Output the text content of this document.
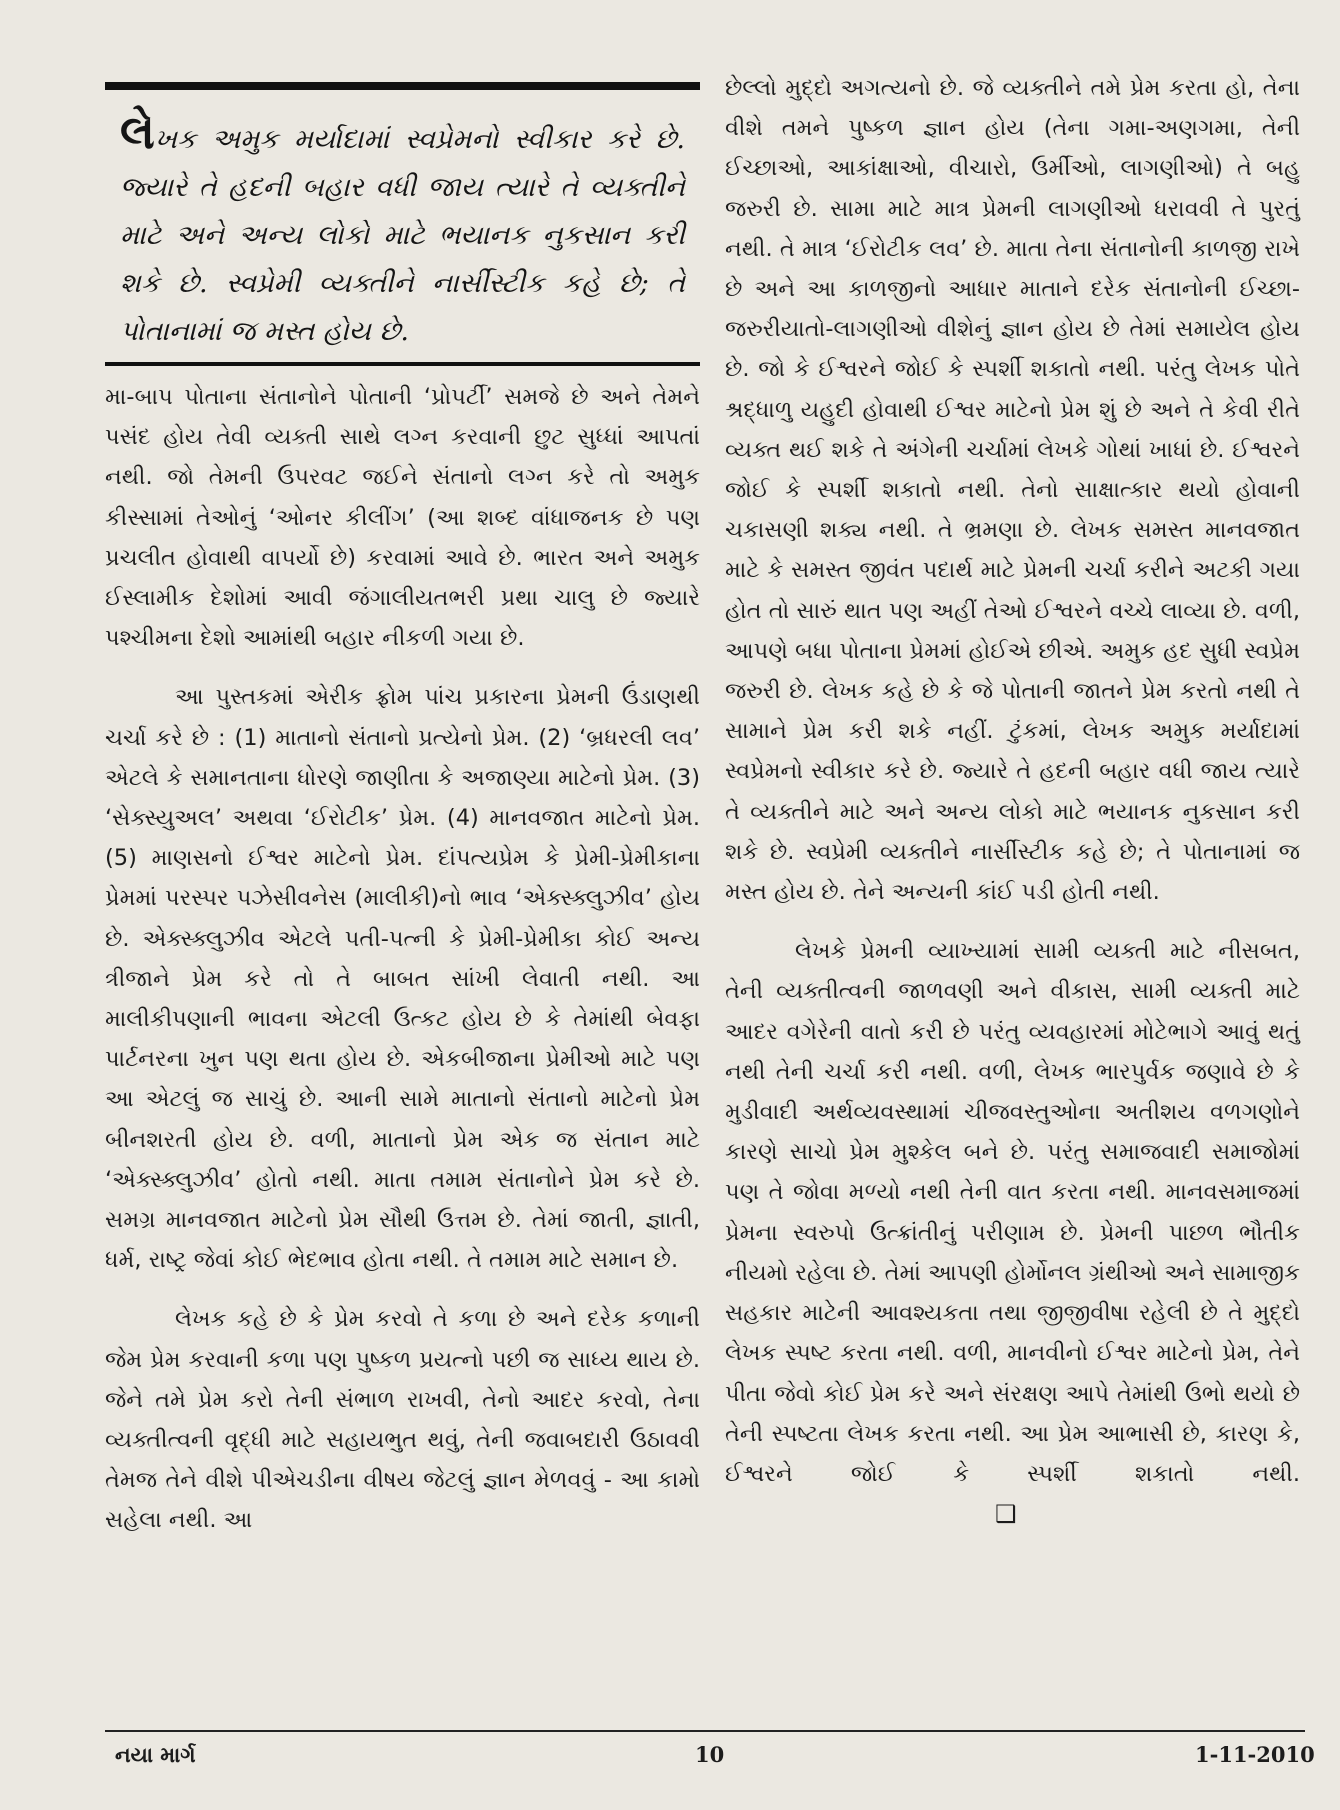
લેખક અમુક મર્યાદામાં સ્વપ્રેમનો સ્વીકાર કરે છે. જ્યારે તે હદની બહાર વધી જાય ત્યારે તે વ્યક્તીને માટે અને અન્ય લોકો માટે ભયાનક નુકસાન કરી શકે છે. સ્વપ્રેમી વ્યક્તીને નાર્સીસ્ટીક કહે છે; તે પોતાનામાં જ મસ્ત હોય છે.

મા-બાપ પોતાના સંતાનોને પોતાની ‘પ્રોપર્ટી’ સમજે છે અને તેમને પસંદ હોય તેવી વ્યક્તી સાથે લગ્ન કરવાની છુટ સુધ્ધાં આપતાં નથી. જો તેમની ઉપરવટ જઈને સંતાનો લગ્ન કરે તો અમુક કીસ્સામાં તેઓનું ‘ઓનર કીલીંગ’ (આ શબ્દ વાંધાજનક છે પણ પ્રચલીત હોવાથી વાપર્યો છે) કરવામાં આવે છે. ભારત અને અમુક ઈસ્લામીક દેશોમાં આવી જંગાલીયતભરી પ્રથા ચાલુ છે જ્યારે પશ્ચીમના દેશો આમાંથી બહાર નીકળી ગયા છે.

આ પુસ્તકમાં એરીક ફ્રોમ પાંચ પ્રકારના પ્રેમની ઉંડાણથી ચર્ચા કરે છે : (1) માતાનો સંતાનો પ્રત્યેનો પ્રેમ. (2) ‘બ્રધરલી લવ’ એટલે કે સમાનતાના ધોરણે જાણીતા કે અજાણ્યા માટેનો પ્રેમ. (3) ‘સેક્સ્યુઅલ’ અથવા ‘ઈરોટીક’ પ્રેમ. (4) માનવજાત માટેનો પ્રેમ. (5) માણસનો ઈશ્વર માટેનો પ્રેમ. દાંપત્યપ્રેમ કે પ્રેમી-પ્રેમીકાના પ્રેમમાં પરસ્પર પઝેસીવનેસ (માલીકી)નો ભાવ ‘એક્સ્ક્લુઝીવ’ હોય છે. એક્સ્ક્લુઝીવ એટલે પતી-પત્ની કે પ્રેમી-પ્રેમીકા કોઈ અન્ય ત્રીજાને પ્રેમ કરે તો તે બાબત સાંખી લેવાતી નથી. આ માલીકીપણાની ભાવના એટલી ઉત્કટ હોય છે કે તેમાંથી બેવફા પાર્ટનરના ખુન પણ થતા હોય છે. એકબીજાના પ્રેમીઓ માટે પણ આ એટલું જ સાચું છે. આની સામે માતાનો સંતાનો માટેનો પ્રેમ બીનશરતી હોય છે. વળી, માતાનો પ્રેમ એક જ સંતાન માટે ‘એક્સ્ક્લુઝીવ’ હોતો નથી. માતા તમામ સંતાનોને પ્રેમ કરે છે. સમગ્ર માનવજાત માટેનો પ્રેમ સૌથી ઉત્તમ છે. તેમાં જાતી, જ્ઞાતી, ધર્મ, રાષ્ટ્ર જેવાં કોઈ ભેદભાવ હોતા નથી. તે તમામ માટે સમાન છે.

લેખક કહે છે કે પ્રેમ કરવો તે કળા છે અને દરેક કળાની જેમ પ્રેમ કરવાની કળા પણ પુષ્કળ પ્રયત્નો પછી જ સાધ્ય થાય છે. જેને તમે પ્રેમ કરો તેની સંભાળ રાખવી, તેનો આદર કરવો, તેના વ્યક્તીત્વની વૃદ્ધી માટે સહાયભુત થવું, તેની જવાબદારી ઉઠાવવી તેમજ તેને વીશે પીએચડીના વીષય જેટલું જ્ઞાન મેળવવું - આ કામો સહેલા નથી. આ

છેલ્લો મુદ્દો અગત્યનો છે. જે વ્યક્તીને તમે પ્રેમ કરતા હો, તેના વીશે તમને પુષ્કળ જ્ઞાન હોય (તેના ગમા-અણગમા, તેની ઈચ્છાઓ, આકાંક્ષાઓ, વીચારો, ઉર્મીઓ, લાગણીઓ) તે બહુ જરુરી છે. સામા માટે માત્ર પ્રેમની લાગણીઓ ધરાવવી તે પુરતું નથી. તે માત્ર ‘ઈરોટીક લવ’ છે. માતા તેના સંતાનોની કાળજી રાખે છે અને આ કાળજીનો આધાર માતાને દરેક સંતાનોની ઈચ્છા-જરુરીયાતો-લાગણીઓ વીશેનું જ્ઞાન હોય છે તેમાં સમાયેલ હોય છે. જો કે ઈશ્વરને જોઈ કે સ્પર્શી શકાતો નથી. પરંતુ લેખક પોતે શ્રદ્ધાળુ યહુદી હોવાથી ઈશ્વર માટેનો પ્રેમ શું છે અને તે કેવી રીતે વ્યક્ત થઈ શકે તે અંગેની ચર્ચામાં લેખકે ગોથાં ખાધાં છે. ઈશ્વરને જોઈ કે સ્પર્શી શકાતો નથી. તેનો સાક્ષાત્કાર થયો હોવાની ચકાસણી શક્ય નથી. તે ભ્રમણા છે. લેખક સમસ્ત માનવજાત માટે કે સમસ્ત જીવંત પદાર્થ માટે પ્રેમની ચર્ચા કરીને અટકી ગયા હોત તો સારું થાત પણ અહીં તેઓ ઈશ્વરને વચ્ચે લાવ્યા છે. વળી, આપણે બધા પોતાના પ્રેમમાં હોઈએ છીએ. અમુક હદ સુધી સ્વપ્રેમ જરુરી છે. લેખક કહે છે કે જે પોતાની જાતને પ્રેમ કરતો નથી તે સામાને પ્રેમ કરી શકે નહીં. ટુંકમાં, લેખક અમુક મર્યાદામાં સ્વપ્રેમનો સ્વીકાર કરે છે. જ્યારે તે હદની બહાર વધી જાય ત્યારે તે વ્યક્તીને માટે અને અન્ય લોકો માટે ભયાનક નુકસાન કરી શકે છે. સ્વપ્રેમી વ્યક્તીને નાર્સીસ્ટીક કહે છે; તે પોતાનામાં જ મસ્ત હોય છે. તેને અન્યની કાંઈ પડી હોતી નથી.

લેખકે પ્રેમની વ્યાખ્યામાં સામી વ્યક્તી માટે નીસબત, તેની વ્યક્તીત્વની જાળવણી અને વીકાસ, સામી વ્યક્તી માટે આદર વગેરેની વાતો કરી છે પરંતુ વ્યવહારમાં મોટેભાગે આવું થતું નથી તેની ચર્ચા કરી નથી. વળી, લેખક ભારપુર્વક જણાવે છે કે મુડીવાદી અર્થવ્યવસ્થામાં ચીજવસ્તુઓના અતીશય વળગણોને કારણે સાચો પ્રેમ મુશ્કેલ બને છે. પરંતુ સમાજવાદી સમાજોમાં પણ તે જોવા મળ્યો નથી તેની વાત કરતા નથી. માનવસમાજમાં પ્રેમના સ્વરુપો ઉત્ક્રાંતીનું પરીણામ છે. પ્રેમની પાછળ ભૌતીક નીયમો રહેલા છે. તેમાં આપણી હોર્મોનલ ગ્રંથીઓ અને સામાજીક સહકાર માટેની આવશ્યકતા તથા જીજીવીષા રહેલી છે તે મુદ્દો લેખક સ્પષ્ટ કરતા નથી. વળી, માનવીનો ઈશ્વર માટેનો પ્રેમ, તેને પીતા જેવો કોઈ પ્રેમ કરે અને સંરક્ષણ આપે તેમાંથી ઉભો થયો છે તેની સ્પષ્ટતા લેખક કરતા નથી. આ પ્રેમ આભાસી છે, કારણ કે, ઈશ્વરને જોઈ કે સ્પર્શી શકાતો નથી.❑

નયા માર્ગ	10	1-11-2010
